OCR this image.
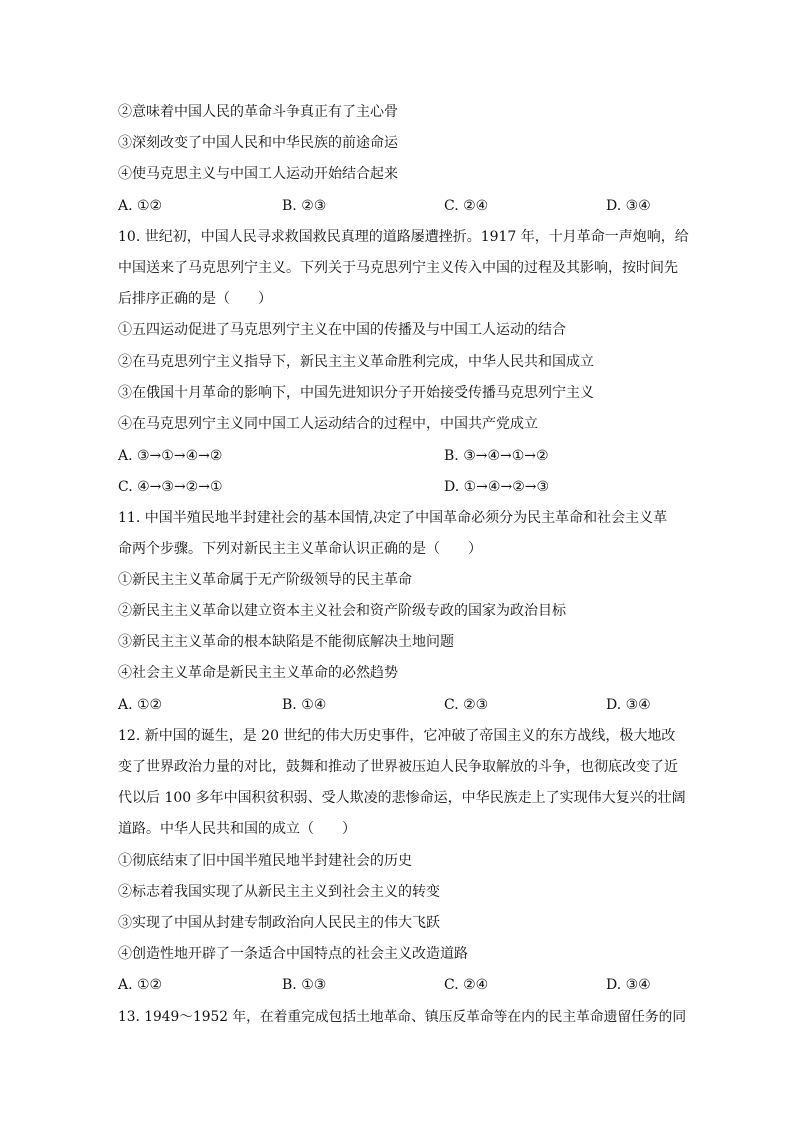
②意味着中国人民的革命斗争真正有了主心骨
③深刻改变了中国人民和中华民族的前途命运
④使马克思主义与中国工人运动开始结合起来
A. ①②	B. ②③	C. ②④	D. ③④
10. 世纪初，中国人民寻求救国救民真理的道路屡遭挫折。1917 年，十月革命一声炮响，给
中国送来了马克思列宁主义。下列关于马克思列宁主义传入中国的过程及其影响，按时间先
后排序正确的是（　　）
①五四运动促进了马克思列宁主义在中国的传播及与中国工人运动的结合
②在马克思列宁主义指导下，新民主主义革命胜利完成，中华人民共和国成立
③在俄国十月革命的影响下，中国先进知识分子开始接受传播马克思列宁主义
④在马克思列宁主义同中国工人运动结合的过程中，中国共产党成立
A. ③→①→④→②	B. ③→④→①→②
C. ④→③→②→①	D. ①→④→②→③
11. 中国半殖民地半封建社会的基本国情,决定了中国革命必须分为民主革命和社会主义革
命两个步骤。下列对新民主主义革命认识正确的是（　　）
①新民主主义革命属于无产阶级领导的民主革命
②新民主主义革命以建立资本主义社会和资产阶级专政的国家为政治目标
③新民主主义革命的根本缺陷是不能彻底解决土地问题
④社会主义革命是新民主主义革命的必然趋势
A. ①②	B. ①④	C. ②③	D. ③④
12. 新中国的诞生，是 20 世纪的伟大历史事件，它冲破了帝国主义的东方战线，极大地改
变了世界政治力量的对比，鼓舞和推动了世界被压迫人民争取解放的斗争，也彻底改变了近
代以后 100 多年中国积贫积弱、受人欺凌的悲惨命运，中华民族走上了实现伟大复兴的壮阔
道路。中华人民共和国的成立（　　）
①彻底结束了旧中国半殖民地半封建社会的历史
②标志着我国实现了从新民主主义到社会主义的转变
③实现了中国从封建专制政治向人民民主的伟大飞跃
④创造性地开辟了一条适合中国特点的社会主义改造道路
A. ①②	B. ①③	C. ②④	D. ③④
13. 1949～1952 年，在着重完成包括土地革命、镇压反革命等在内的民主革命遗留任务的同
